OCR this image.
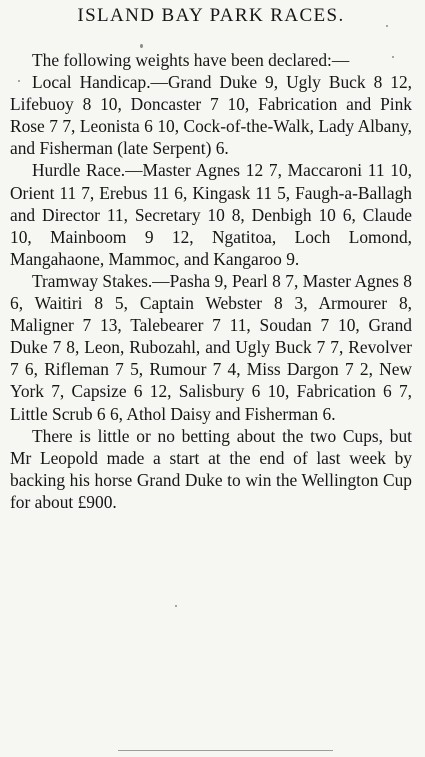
ISLAND BAY PARK RACES.

The following weights have been declared:—

Local Handicap.—Grand Duke 9, Ugly Buck 8 12, Lifebuoy 8 10, Doncaster 7 10, Fabrication and Pink Rose 7 7, Leonista 6 10, Cock-of-the-Walk, Lady Albany, and Fisherman (late Serpent) 6.

Hurdle Race.—Master Agnes 12 7, Maccaroni 11 10, Orient 11 7, Erebus 11 6, Kingask 11 5, Faugh-a-Ballagh and Director 11, Secretary 10 8, Denbigh 10 6, Claude 10, Mainboom 9 12, Ngatitoa, Loch Lomond, Mangahaone, Mammoc, and Kangaroo 9.

Tramway Stakes.—Pasha 9, Pearl 8 7, Master Agnes 8 6, Waitiri 8 5, Captain Webster 8 3, Armourer 8, Maligner 7 13, Talebearer 7 11, Soudan 7 10, Grand Duke 7 8, Leon, Rubozahl, and Ugly Buck 7 7, Revolver 7 6, Rifleman 7 5, Rumour 7 4, Miss Dargon 7 2, New York 7, Capsize 6 12, Salisbury 6 10, Fabrication 6 7, Little Scrub 6 6, Athol Daisy and Fisherman 6.

There is little or no betting about the two Cups, but Mr Leopold made a start at the end of last week by backing his horse Grand Duke to win the Wellington Cup for about £900.
